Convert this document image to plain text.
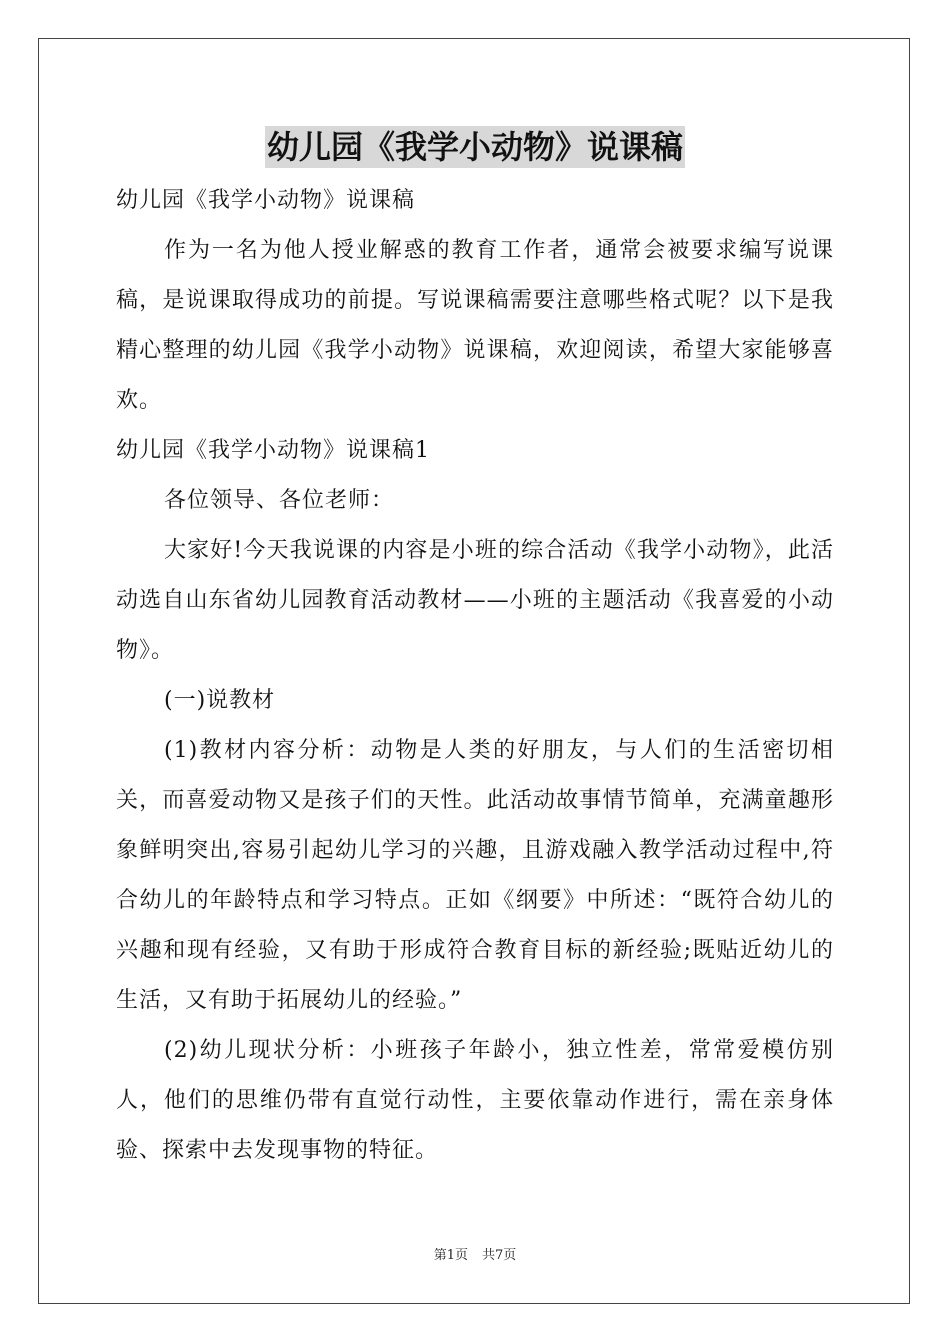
幼儿园《我学小动物》说课稿

幼儿园《我学小动物》说课稿

作为一名为他人授业解惑的教育工作者，通常会被要求编写说课稿，是说课取得成功的前提。写说课稿需要注意哪些格式呢？以下是我精心整理的幼儿园《我学小动物》说课稿，欢迎阅读，希望大家能够喜欢。

幼儿园《我学小动物》说课稿1

各位领导、各位老师：

大家好!今天我说课的内容是小班的综合活动《我学小动物》，此活动选自山东省幼儿园教育活动教材——小班的主题活动《我喜爱的小动物》。

(一)说教材

(1)教材内容分析：动物是人类的好朋友，与人们的生活密切相关，而喜爱动物又是孩子们的天性。此活动故事情节简单，充满童趣形象鲜明突出,容易引起幼儿学习的兴趣，且游戏融入教学活动过程中,符合幼儿的年龄特点和学习特点。正如《纲要》中所述：“既符合幼儿的兴趣和现有经验，又有助于形成符合教育目标的新经验;既贴近幼儿的生活，又有助于拓展幼儿的经验。”

(2)幼儿现状分析：小班孩子年龄小，独立性差，常常爱模仿别人，他们的思维仍带有直觉行动性，主要依靠动作进行，需在亲身体验、探索中去发现事物的特征。

第1页 共7页
